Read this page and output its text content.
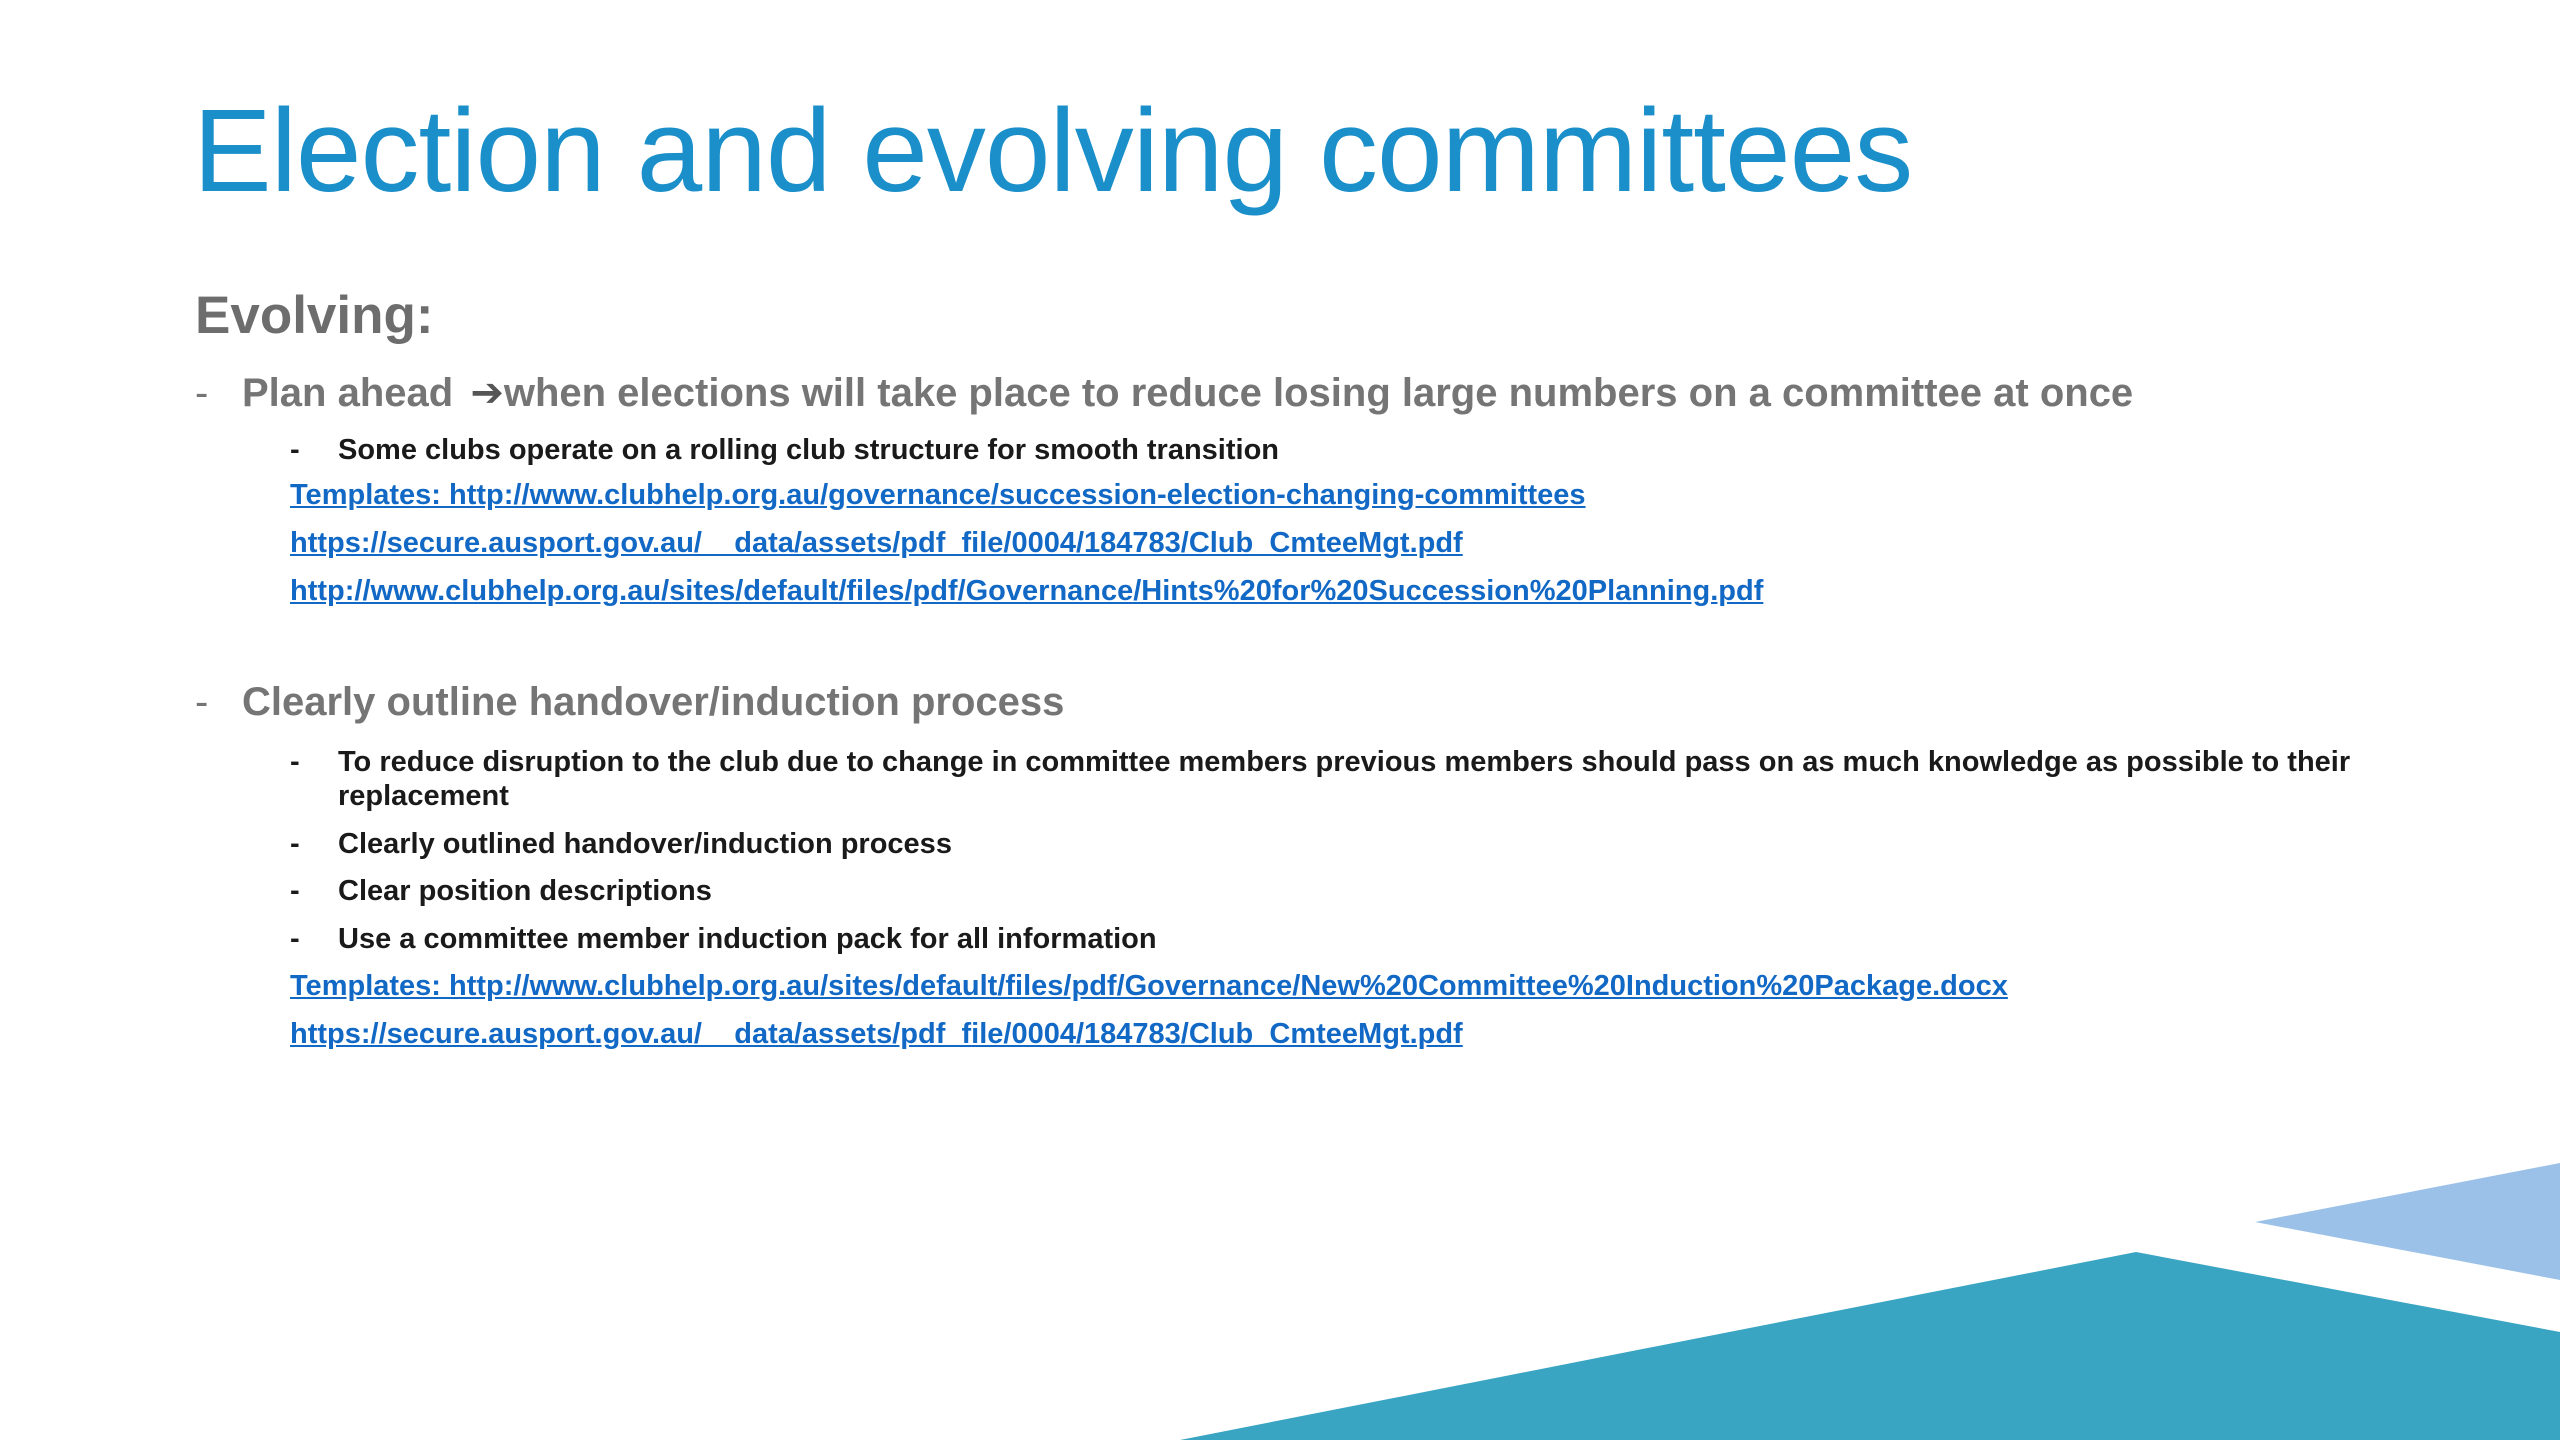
Election and evolving committees
Evolving:
- Plan ahead ➔when elections will take place to reduce losing large numbers on a committee at once
- Some clubs operate on a rolling club structure for smooth transition
Templates: http://www.clubhelp.org.au/governance/succession-election-changing-committees
https://secure.ausport.gov.au/__data/assets/pdf_file/0004/184783/Club_CmteeMgt.pdf
http://www.clubhelp.org.au/sites/default/files/pdf/Governance/Hints%20for%20Succession%20Planning.pdf
- Clearly outline handover/induction process
- To reduce disruption to the club due to change in committee members previous members should pass on as much knowledge as possible to their replacement
- Clearly outlined handover/induction process
- Clear position descriptions
- Use a committee member induction pack for all information
Templates: http://www.clubhelp.org.au/sites/default/files/pdf/Governance/New%20Committee%20Induction%20Package.docx
https://secure.ausport.gov.au/__data/assets/pdf_file/0004/184783/Club_CmteeMgt.pdf
